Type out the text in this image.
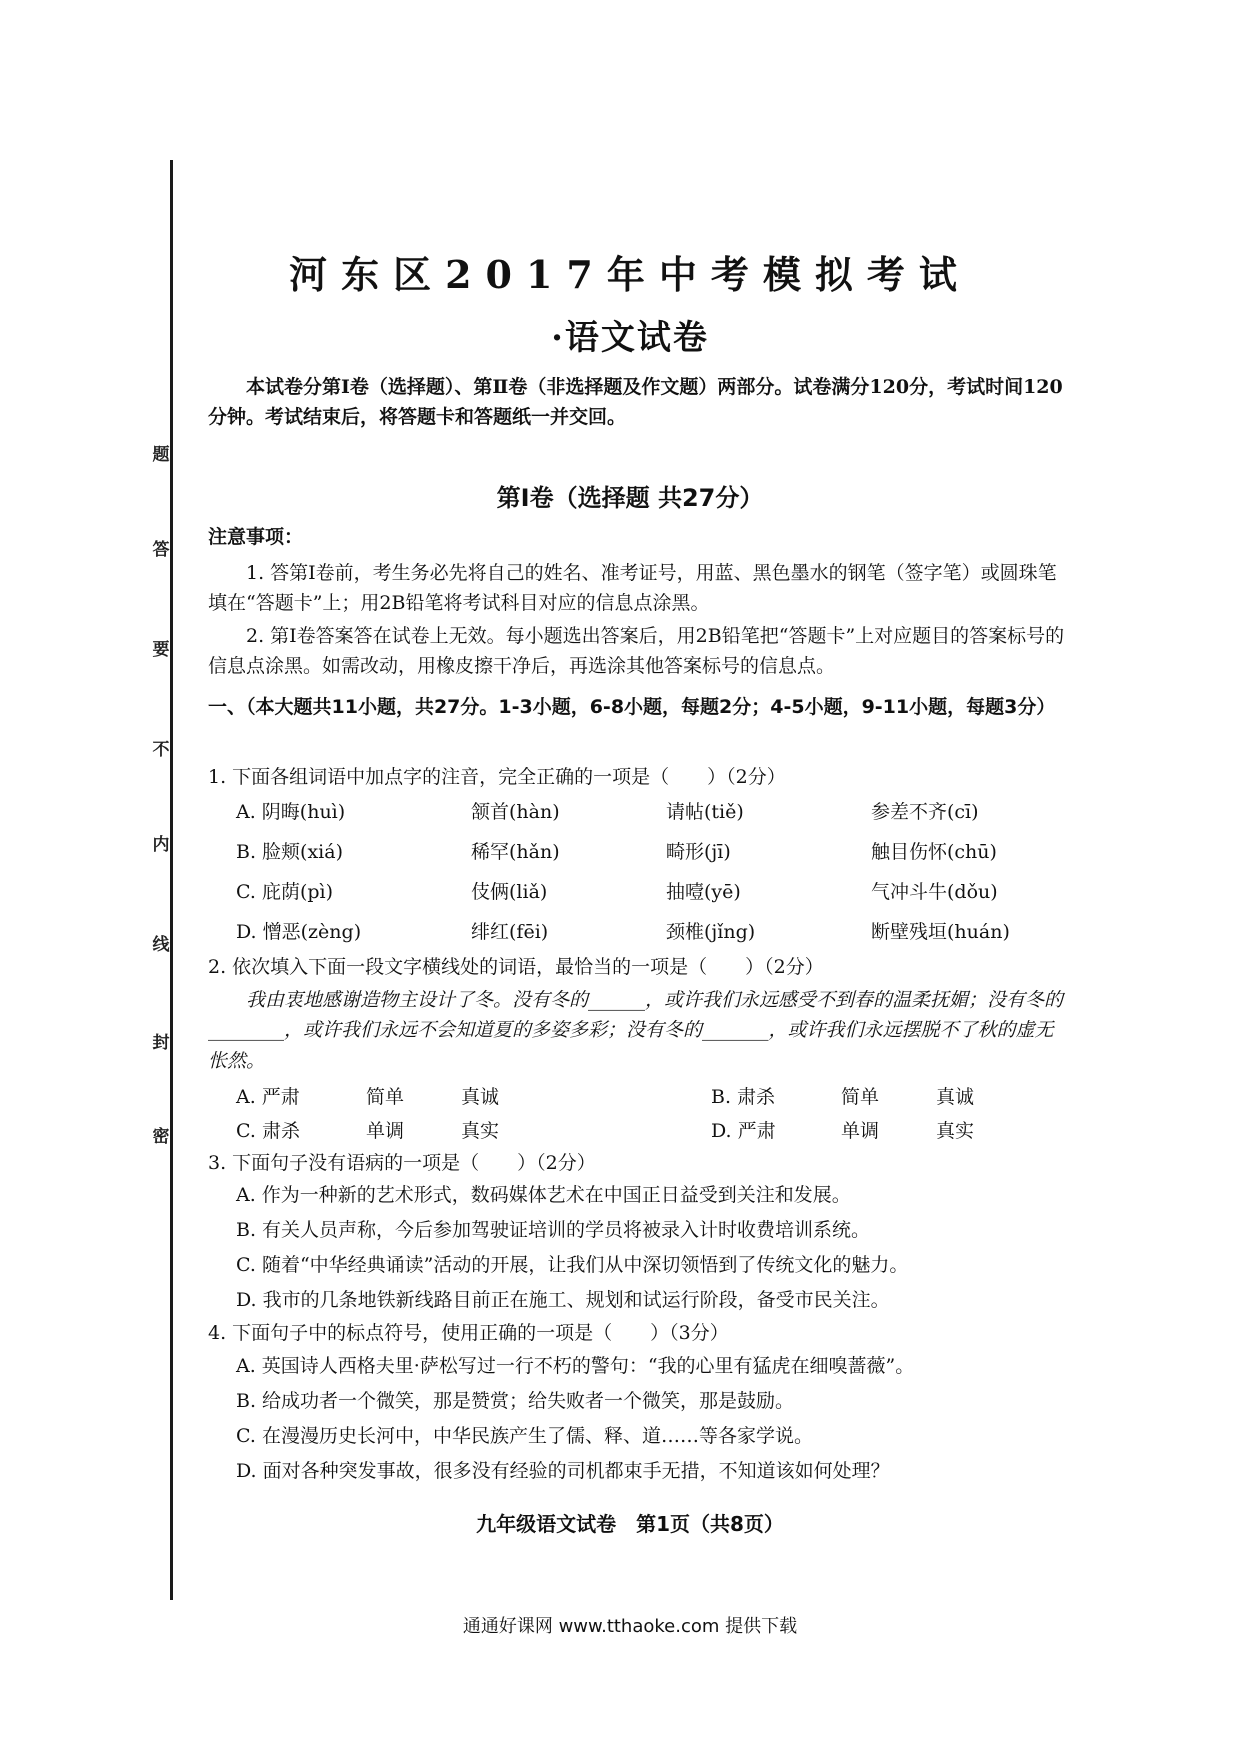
题
答
要
不
内
线
封
密
河东区2017年中考模拟考试
·语文试卷
本试卷分第Ⅰ卷（选择题）、第Ⅱ卷（非选择题及作文题）两部分。试卷满分120分，考试时间120分钟。考试结束后，将答题卡和答题纸一并交回。
第Ⅰ卷（选择题 共27分）
注意事项：

1. 答第Ⅰ卷前，考生务必先将自己的姓名、准考证号，用蓝、黑色墨水的钢笔（签字笔）或圆珠笔填在“答题卡”上；用2B铅笔将考试科目对应的信息点涂黑。

2. 第Ⅰ卷答案答在试卷上无效。每小题选出答案后，用2B铅笔把“答题卡”上对应题目的答案标号的信息点涂黑。如需改动，用橡皮擦干净后，再选涂其他答案标号的信息点。

一、（本大题共11小题，共27分。1-3小题，6-8小题，每题2分；4-5小题，9-11小题，每题3分）

1. 下面各组词语中加点字的注音，完全正确的一项是（　　）（2分）

A. 阴晦(huì)	颔首(hàn)	请帖(tiě)	参差不齐(cī)
B. 脸颊(xiá)	稀罕(hǎn)	畸形(jī)	触目伤怀(chū)
C. 庇荫(pì)	伎俩(liǎ)	抽噎(yē)	气冲斗牛(dǒu)
D. 憎恶(zèng)	绯红(fēi)	颈椎(jǐng)	断壁残垣(huán)

2. 依次填入下面一段文字横线处的词语，最恰当的一项是（　　）（2分）

我由衷地感谢造物主设计了冬。没有冬的______，或许我们永远感受不到春的温柔抚媚；没有冬的________，或许我们永远不会知道夏的多姿多彩；没有冬的_______，或许我们永远摆脱不了秋的虚无怅然。

A. 严肃	简单	真诚	B. 肃杀	简单	真诚
C. 肃杀	单调	真实	D. 严肃	单调	真实

3. 下面句子没有语病的一项是（　　）（2分）

A. 作为一种新的艺术形式，数码媒体艺术在中国正日益受到关注和发展。

B. 有关人员声称，今后参加驾驶证培训的学员将被录入计时收费培训系统。

C. 随着“中华经典诵读”活动的开展，让我们从中深切领悟到了传统文化的魅力。

D. 我市的几条地铁新线路目前正在施工、规划和试运行阶段，备受市民关注。

4. 下面句子中的标点符号，使用正确的一项是（　　）（3分）

A. 英国诗人西格夫里·萨松写过一行不朽的警句：“我的心里有猛虎在细嗅蔷薇”。

B. 给成功者一个微笑，那是赞赏；给失败者一个微笑，那是鼓励。

C. 在漫漫历史长河中，中华民族产生了儒、释、道……等各家学说。

D. 面对各种突发事故，很多没有经验的司机都束手无措，不知道该如何处理？

九年级语文试卷　第1页（共8页）
通通好课网 www.tthaoke.com 提供下载
